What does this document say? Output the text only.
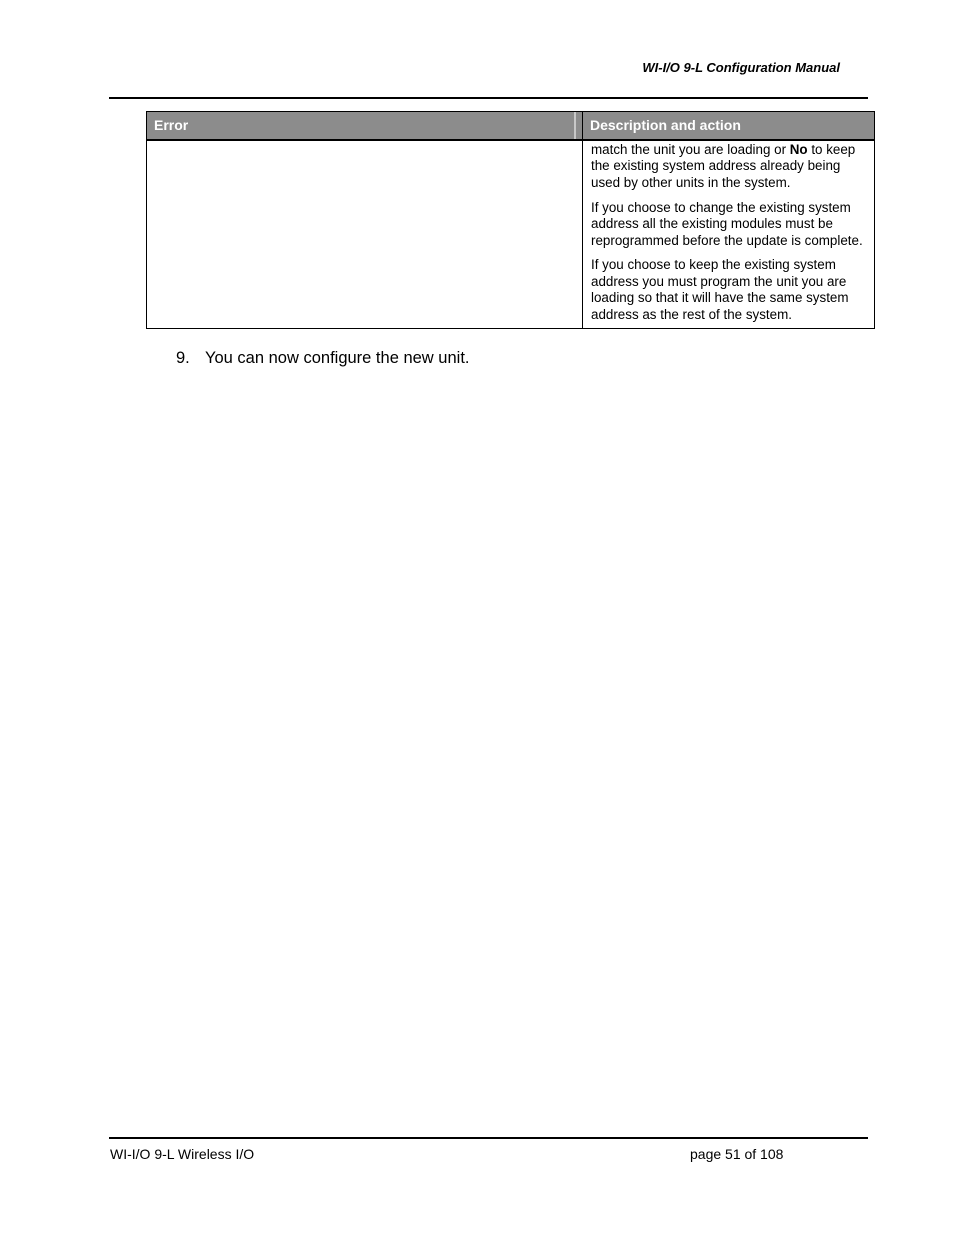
WI-I/O 9-L Configuration Manual
Error	Description and action

match the unit you are loading or No to keep the existing system address already being used by other units in the system.

If you choose to change the existing system address all the existing modules must be reprogrammed before the update is complete.

If you choose to keep the existing system address you must program the unit you are loading so that it will have the same system address as the rest of the system.

9. You can now configure the new unit.
WI-I/O 9-L Wireless I/O	page 51 of 108
